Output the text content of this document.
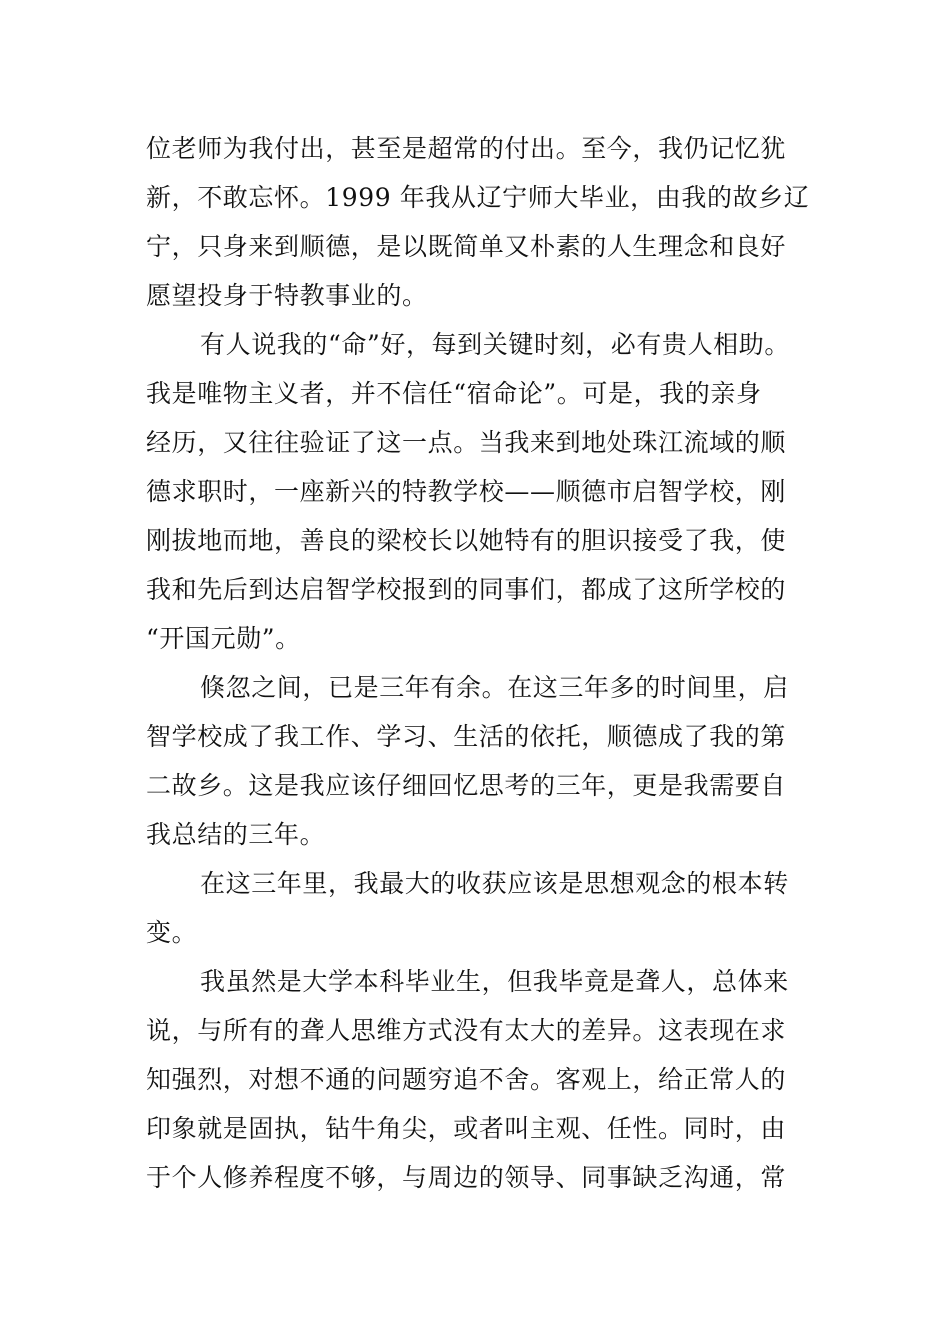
位老师为我付出，甚至是超常的付出。至今，我仍记忆犹
新，不敢忘怀。1999 年我从辽宁师大毕业，由我的故乡辽
宁，只身来到顺德，是以既简单又朴素的人生理念和良好
愿望投身于特教事业的。

有人说我的“命”好，每到关键时刻，必有贵人相助。
我是唯物主义者，并不信任“宿命论”。可是，我的亲身
经历，又往往验证了这一点。当我来到地处珠江流域的顺
德求职时，一座新兴的特教学校——顺德市启智学校，刚
刚拔地而地，善良的梁校长以她特有的胆识接受了我，使
我和先后到达启智学校报到的同事们，都成了这所学校的
“开国元勋”。

倏忽之间，已是三年有余。在这三年多的时间里，启
智学校成了我工作、学习、生活的依托，顺德成了我的第
二故乡。这是我应该仔细回忆思考的三年，更是我需要自
我总结的三年。

在这三年里，我最大的收获应该是思想观念的根本转
变。

我虽然是大学本科毕业生，但我毕竟是聋人，总体来
说，与所有的聋人思维方式没有太大的差异。这表现在求
知强烈，对想不通的问题穷追不舍。客观上，给正常人的
印象就是固执，钻牛角尖，或者叫主观、任性。同时，由
于个人修养程度不够，与周边的领导、同事缺乏沟通，常
